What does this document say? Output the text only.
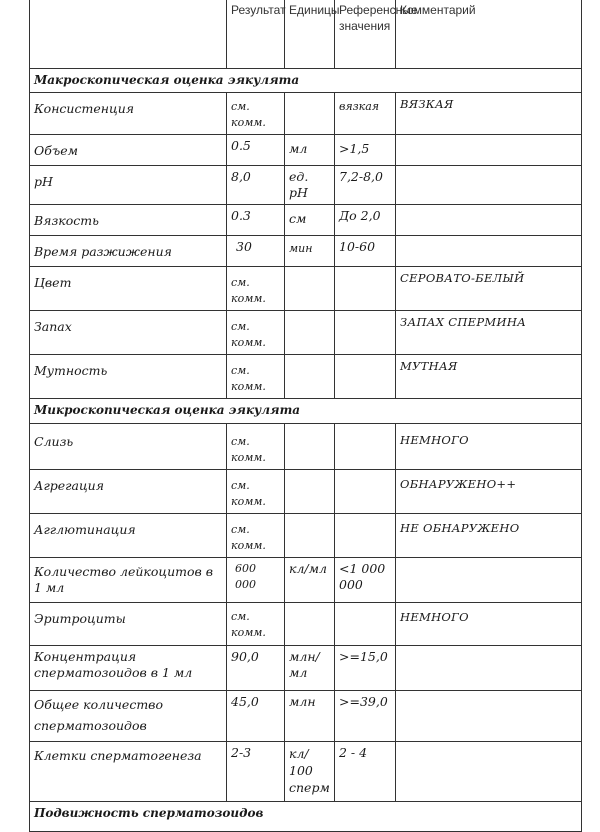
	Результат	Единицы	Референсные значения	Комментарий
Макроскопическая оценка эякулята				
Консистенция	см. комм.		вязкая	ВЯЗКАЯ
Объем	0.5	мл	>1,5	
pH	8,0	ед. pH	7,2-8,0	
Вязкость	0.3	см	До 2,0	
Время разжижения	30	мин	10-60	
Цвет	см. комм.			СЕРОВАТО-БЕЛЫЙ
Запах	см. комм.			ЗАПАХ СПЕРМИНА
Мутность	см. комм.			МУТНАЯ
Микроскопическая оценка эякулята				
Слизь	см. комм.			НЕМНОГО
Агрегация	см. комм.			ОБНАРУЖЕНО++
Агглютинация	см. комм.			НЕ ОБНАРУЖЕНО
Количество лейкоцитов в 1 мл	600 000	кл/мл	<1 000 000	
Эритроциты	см. комм.			НЕМНОГО
Концентрация сперматозоидов в 1 мл	90,0	млн/мл	>=15,0	
Общее количество сперматозоидов	45,0	млн	>=39,0	
Клетки сперматогенеза	2-3	кл/ 100 сперм	2 - 4	
Подвижность сперматозоидов				
